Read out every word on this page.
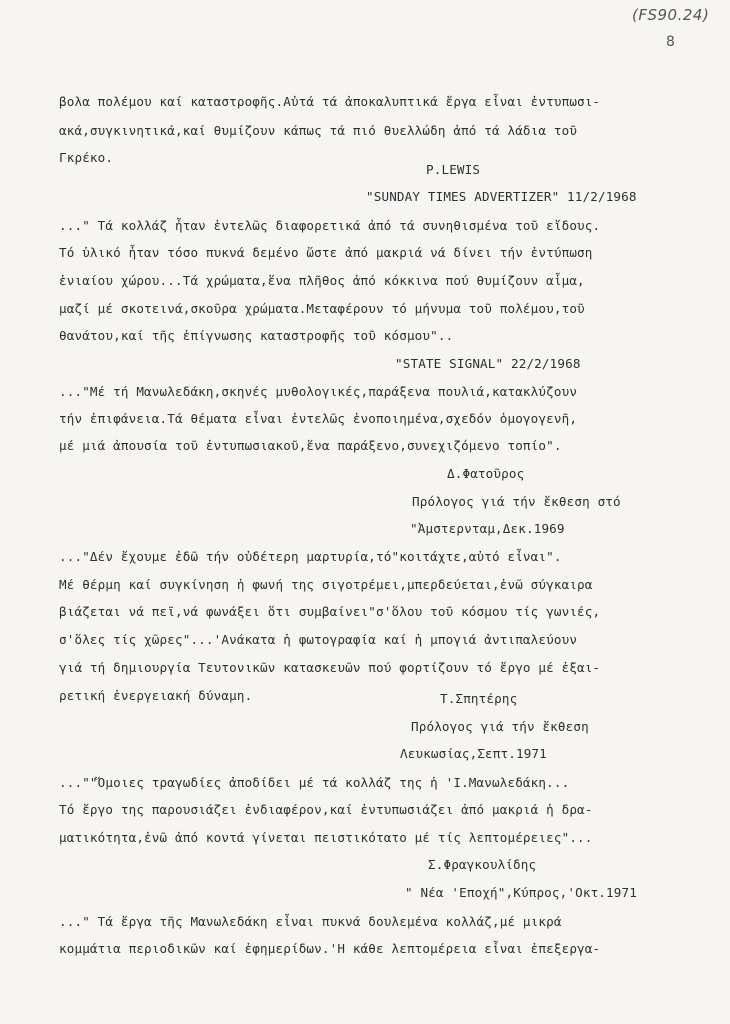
(FS90.24)
8
βολα πολέμου καί καταστροφῆς.Αὐτά τά ἀποκαλυπτικά ἔργα εἶναι ἐντυπωσι-
ακά,συγκινητικά,καί θυμίζουν κάπως τά πιό θυελλώδη ἀπό τά λάδια τοῦ
Γκρέκο.
P.LEWIS
"SUNDAY TIMES ADVERTIZER" 11/2/1968
..." Τά κολλάζ ἦταν ἐντελῶς διαφορετικά ἀπό τά συνηθισμένα τοῦ εἴδους.
Τό ὑλικό ἦταν τόσο πυκνά δεμένο ὥστε ἀπό μακριά νά δίνει τήν ἐντύπωση
ἑνιαίου χώρου...Τά χρώματα,ἕνα πλῆθος ἀπό κόκκινα πού θυμίζουν αἷμα,
μαζί μέ σκοτεινά,σκοῦρα χρώματα.Μεταφέρουν τό μήνυμα τοῦ πολέμου,τοῦ
θανάτου,καί τῆς ἐπίγνωσης καταστροφῆς τοῦ κόσμου"..
"STATE SIGNAL" 22/2/1968
..."Μέ τή Μανωλεδάκη,σκηνές μυθολογικές,παράξενα πουλιά,κατακλύζουν
τήν ἐπιφάνεια.Τά θέματα εἶναι ἐντελῶς ἑνοποιημένα,σχεδόν ὁμογογενῆ,
μέ μιά ἀπουσία τοῦ ἐντυπωσιακοῦ,ἕνα παράξενο,συνεχιζόμενο τοπίο".
Δ.Φατοῦρος
Πρόλογος γιά τήν ἔκθεση στό
"Ἀμστερνταμ,Δεκ.1969
..."Δέν ἔχουμε ἐδῶ τήν οὐδέτερη μαρτυρία,τό"κοιτάχτε,αὐτό εἶναι".
Μέ θέρμη καί συγκίνηση ἡ φωνή της σιγοτρέμει,μπερδεύεται,ἐνῶ σύγκαιρα
βιάζεται νά πεῖ,νά φωνάξει ὅτι συμβαίνει"σ'ὅλου τοῦ κόσμου τίς γωνιές,
σ'ὅλες τίς χῶρες"...'Ανάκατα ἡ φωτογραφία καί ἡ μπογιά ἀντιπαλεύουν
γιά τή δημιουργία Τευτονικῶν κατασκευῶν πού φορτίζουν τό ἔργο μέ ἐξαι-
ρετική ἐνεργειακή δύναμη.	Τ.Σπητέρης
Πρόλογος γιά τήν ἔκθεση
Λευκωσίας,Σεπτ.1971
...""Ὅμοιες τραγωδίες ἀποδίδει μέ τά κολλάζ της ἡ 'Ι.Μανωλεδάκη...
Τό ἔργο της παρουσιάζει ἐνδιαφέρον,καί ἐντυπωσιάζει ἀπό μακριά ἡ δρα-
ματικότητα,ἐνῶ ἀπό κοντά γίνεται πειστικότατο μέ τίς λεπτομέρειες"...
Σ.Φραγκουλίδης
" Νέα 'Εποχή",Κύπρος,'Οκτ.1971
..." Τά ἔργα τῆς Μανωλεδάκη εἶναι πυκνά δουλεμένα κολλάζ,μέ μικρά
κομμάτια περιοδικῶν καί ἐφημερίδων.'Η κάθε λεπτομέρεια εἶναι ἐπεξεργα-
